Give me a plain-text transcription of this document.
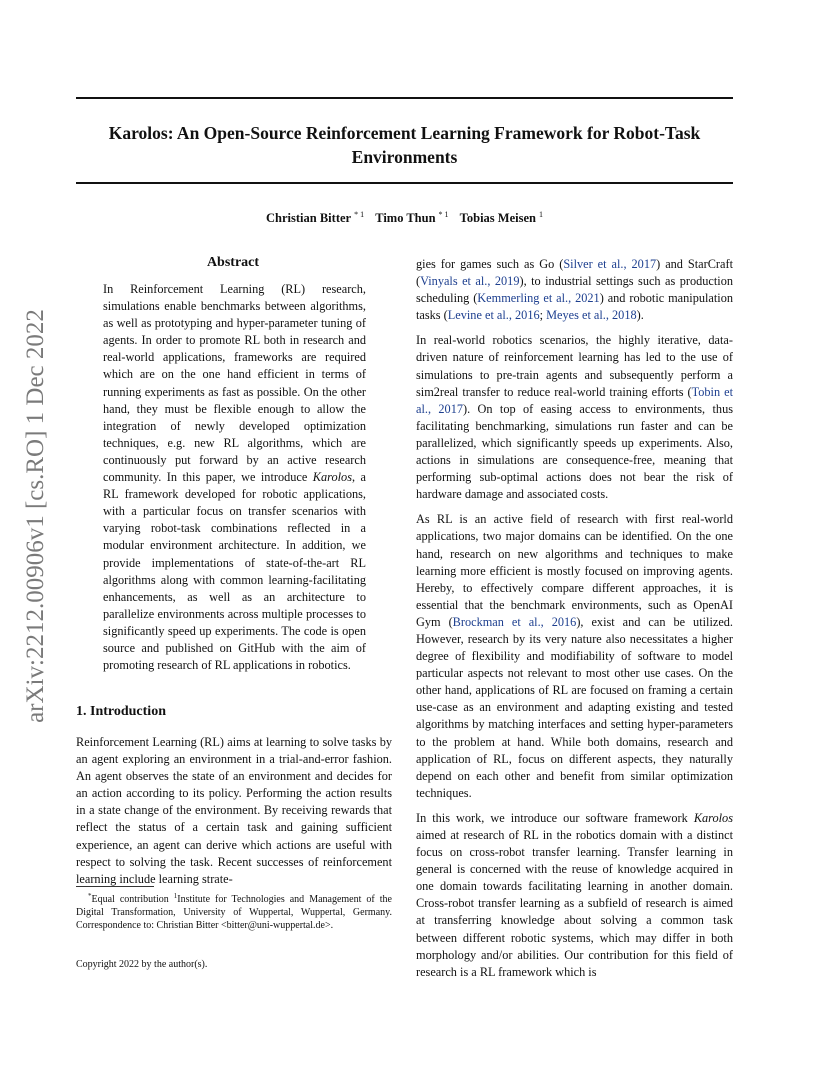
Karolos: An Open-Source Reinforcement Learning Framework for Robot-Task Environments
Christian Bitter $^{* 1}$ Timo Thun $^{* 1}$ Tobias Meisen $^1$
arXiv:2212.00906v1 [cs.RO] 1 Dec 2022
Abstract
In Reinforcement Learning (RL) research, simulations enable benchmarks between algorithms, as well as prototyping and hyper-parameter tuning of agents. In order to promote RL both in research and real-world applications, frameworks are required which are on the one hand efficient in terms of running experiments as fast as possible. On the other hand, they must be flexible enough to allow the integration of newly developed optimization techniques, e.g. new RL algorithms, which are continuously put forward by an active research community. In this paper, we introduce Karolos, a RL framework developed for robotic applications, with a particular focus on transfer scenarios with varying robot-task combinations reflected in a modular environment architecture. In addition, we provide implementations of state-of-the-art RL algorithms along with common learning-facilitating enhancements, as well as an architecture to parallelize environments across multiple processes to significantly speed up experiments. The code is open source and published on GitHub with the aim of promoting research of RL applications in robotics.
1. Introduction
Reinforcement Learning (RL) aims at learning to solve tasks by an agent exploring an environment in a trial-and-error fashion. An agent observes the state of an environment and decides for an action according to its policy. Performing the action results in a state change of the environment. By receiving rewards that reflect the status of a certain task and gaining sufficient experience, an agent can derive which actions are useful with respect to solving the task. Recent successes of reinforcement learning include learning strate-
*Equal contribution $^1$Institute for Technologies and Management of the Digital Transformation, University of Wuppertal, Wuppertal, Germany. Correspondence to: Christian Bitter <bitter@uni-wuppertal.de>.
Copyright 2022 by the author(s).

gies for games such as Go (Silver et al., 2017) and StarCraft (Vinyals et al., 2019), to industrial settings such as production scheduling (Kemmerling et al., 2021) and robotic manipulation tasks (Levine et al., 2016; Meyes et al., 2018).

In real-world robotics scenarios, the highly iterative, data-driven nature of reinforcement learning has led to the use of simulations to pre-train agents and subsequently perform a sim2real transfer to reduce real-world training efforts (Tobin et al., 2017). On top of easing access to environments, thus facilitating benchmarking, simulations run faster and can be parallelized, which significantly speeds up experiments. Also, actions in simulations are consequence-free, meaning that performing sub-optimal actions does not bear the risk of hardware damage and associated costs.

As RL is an active field of research with first real-world applications, two major domains can be identified. On the one hand, research on new algorithms and techniques to make learning more efficient is mostly focused on improving agents. Hereby, to effectively compare different approaches, it is essential that the benchmark environments, such as OpenAI Gym (Brockman et al., 2016), exist and can be utilized. However, research by its very nature also necessitates a higher degree of flexibility and modifiability of software to model particular aspects not relevant to most other use cases. On the other hand, applications of RL are focused on framing a certain use-case as an environment and adapting existing and tested algorithms by matching interfaces and setting hyper-parameters to the problem at hand. While both domains, research and application of RL, focus on different aspects, they naturally depend on each other and benefit from similar optimization techniques.

In this work, we introduce our software framework Karolos aimed at research of RL in the robotics domain with a distinct focus on cross-robot transfer learning. Transfer learning in general is concerned with the reuse of knowledge acquired in one domain towards facilitating learning in another domain. Cross-robot transfer learning as a subfield of research is aimed at transferring knowledge about solving a common task between different robotic systems, which may differ in both morphology and/or abilities. Our contribution for this field of research is a RL framework which is
